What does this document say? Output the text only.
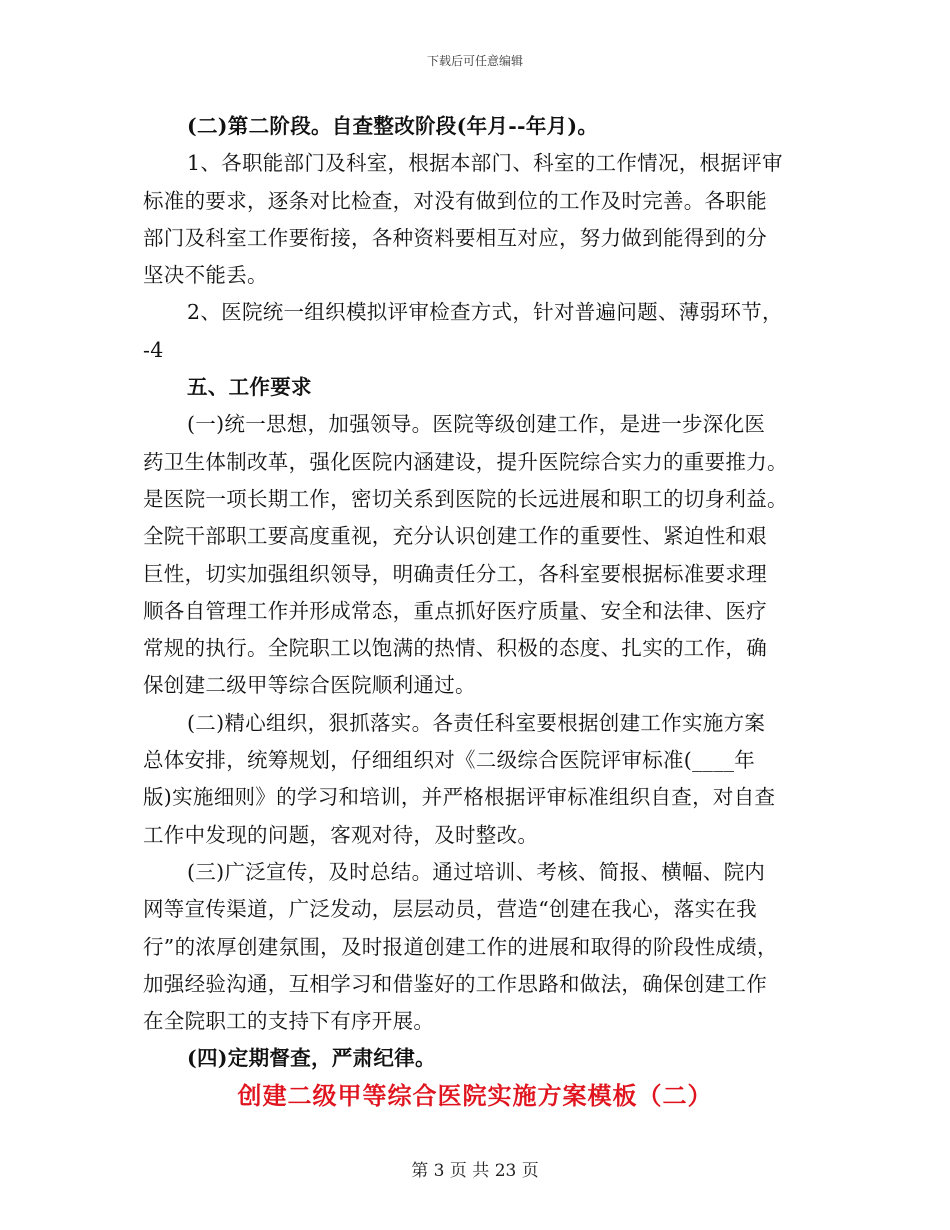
下载后可任意编辑
(二)第二阶段。自查整改阶段(年月--年月)。
1、各职能部门及科室，根据本部门、科室的工作情况，根据评审
标准的要求，逐条对比检查，对没有做到位的工作及时完善。各职能
部门及科室工作要衔接，各种资料要相互对应，努力做到能得到的分
坚决不能丢。
2、医院统一组织模拟评审检查方式，针对普遍问题、薄弱环节，
-4
五、工作要求
(一)统一思想，加强领导。医院等级创建工作，是进一步深化医
药卫生体制改革，强化医院内涵建设，提升医院综合实力的重要推力。
是医院一项长期工作，密切关系到医院的长远进展和职工的切身利益。
全院干部职工要高度重视，充分认识创建工作的重要性、紧迫性和艰
巨性，切实加强组织领导，明确责任分工，各科室要根据标准要求理
顺各自管理工作并形成常态，重点抓好医疗质量、安全和法律、医疗
常规的执行。全院职工以饱满的热情、积极的态度、扎实的工作，确
保创建二级甲等综合医院顺利通过。
(二)精心组织，狠抓落实。各责任科室要根据创建工作实施方案
总体安排，统筹规划，仔细组织对《二级综合医院评审标准(____年
版)实施细则》的学习和培训，并严格根据评审标准组织自查，对自查
工作中发现的问题，客观对待，及时整改。
(三)广泛宣传，及时总结。通过培训、考核、简报、横幅、院内
网等宣传渠道，广泛发动，层层动员，营造“创建在我心，落实在我
行”的浓厚创建氛围，及时报道创建工作的进展和取得的阶段性成绩，
加强经验沟通，互相学习和借鉴好的工作思路和做法，确保创建工作
在全院职工的支持下有序开展。
(四)定期督查，严肃纪律。
创建二级甲等综合医院实施方案模板（二）
第 3 页 共 23 页
